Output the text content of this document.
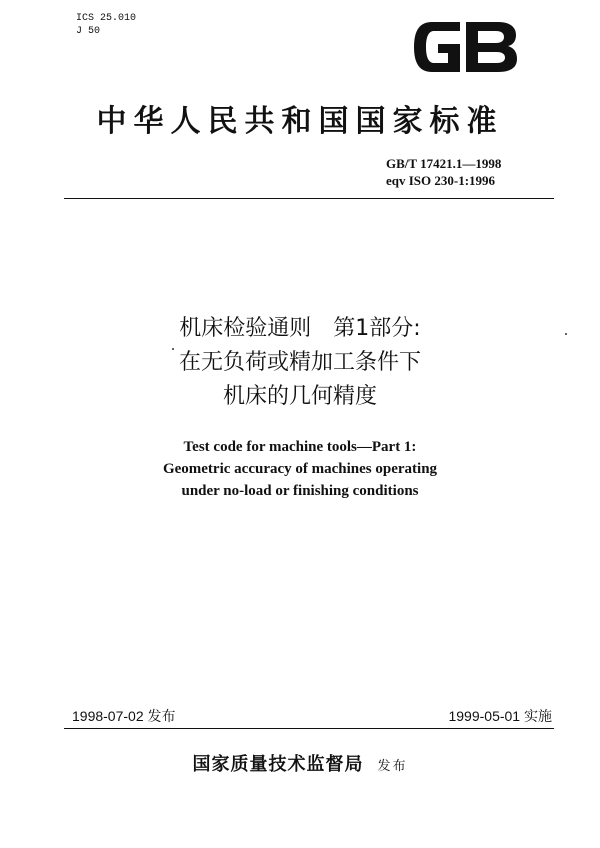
ICS 25.010
J 50
中华人民共和国国家标准
GB/T 17421.1—1998
eqv ISO 230-1:1996
机床检验通则　第1部分:
在无负荷或精加工条件下
机床的几何精度
Test code for machine tools—Part 1:
Geometric accuracy of machines operating
under no-load or finishing conditions
1998-07-02 发布	1999-05-01 实施
国家质量技术监督局 发布
